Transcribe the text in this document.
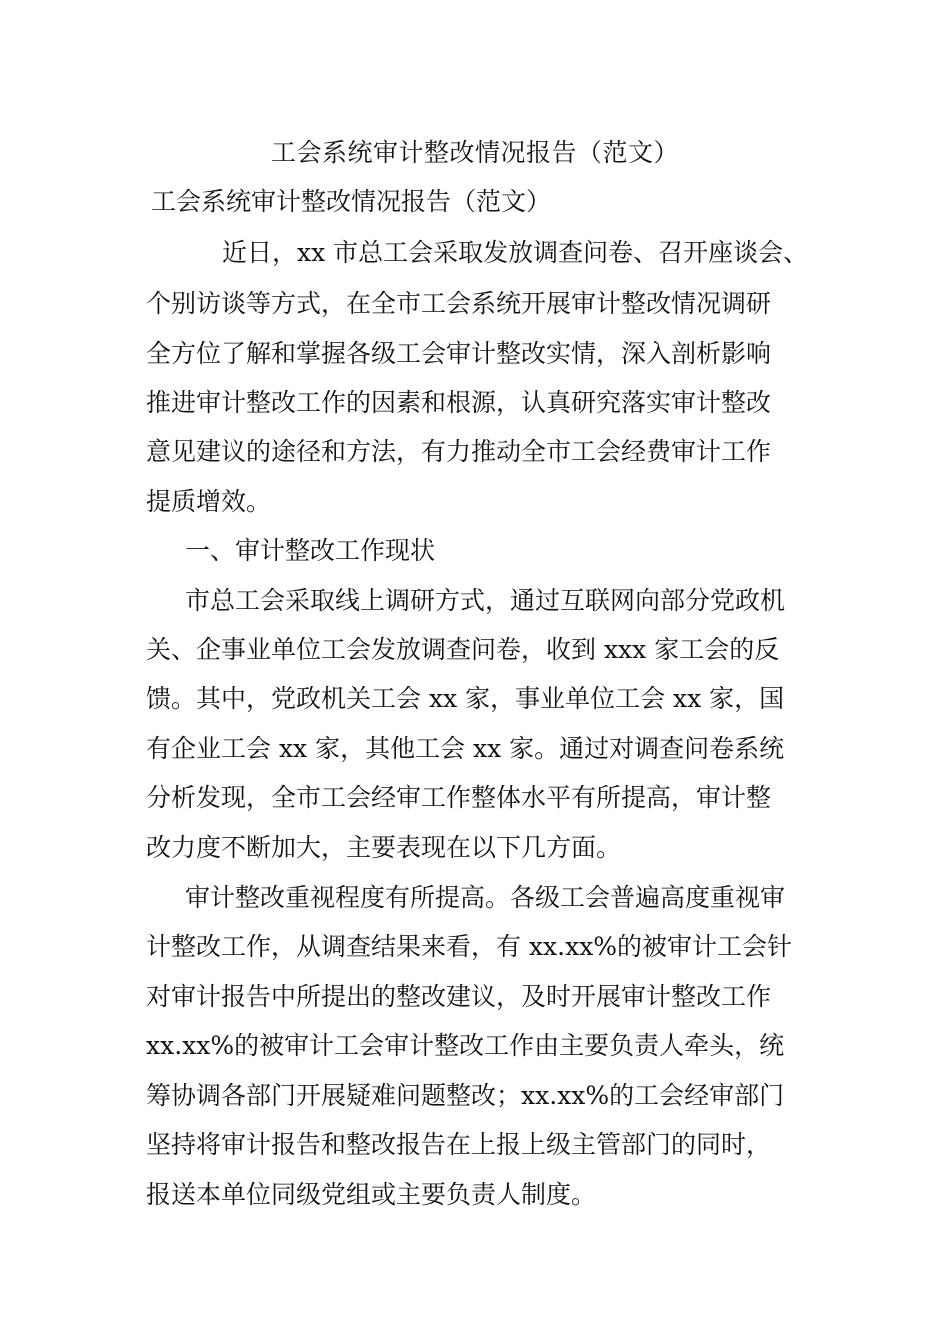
工会系统审计整改情况报告（范文）
工会系统审计整改情况报告（范文）

近日，xx 市总工会采取发放调查问卷、召开座谈会、

个别访谈等方式，在全市工会系统开展审计整改情况调研

全方位了解和掌握各级工会审计整改实情，深入剖析影响

推进审计整改工作的因素和根源，认真研究落实审计整改

意见建议的途径和方法，有力推动全市工会经费审计工作

提质增效。

一、审计整改工作现状

市总工会采取线上调研方式，通过互联网向部分党政机

关、企事业单位工会发放调查问卷，收到 xxx 家工会的反

馈。其中，党政机关工会 xx 家，事业单位工会 xx 家，国

有企业工会 xx 家，其他工会 xx 家。通过对调查问卷系统

分析发现，全市工会经审工作整体水平有所提高，审计整

改力度不断加大，主要表现在以下几方面。

审计整改重视程度有所提高。各级工会普遍高度重视审

计整改工作，从调查结果来看，有 xx.xx%的被审计工会针

对审计报告中所提出的整改建议，及时开展审计整改工作

xx.xx%的被审计工会审计整改工作由主要负责人牵头，统

筹协调各部门开展疑难问题整改；xx.xx%的工会经审部门

坚持将审计报告和整改报告在上报上级主管部门的同时，

报送本单位同级党组或主要负责人制度。
